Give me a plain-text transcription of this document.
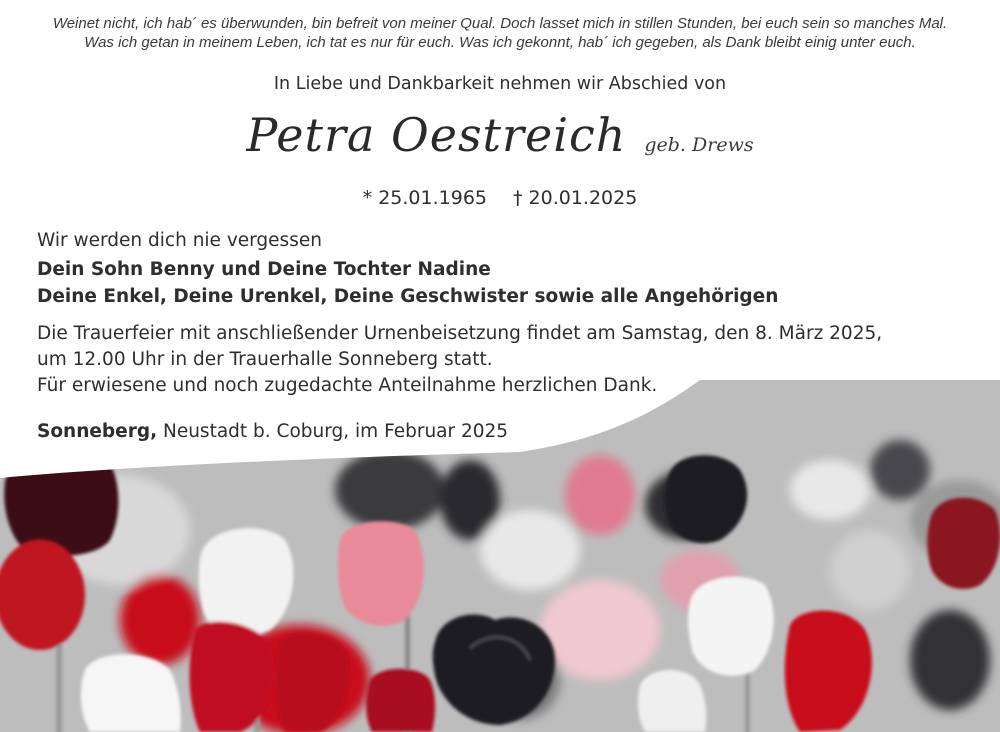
Weinet nicht, ich hab´ es überwunden, bin befreit von meiner Qual. Doch lasset mich in stillen Stunden, bei euch sein so manches Mal.
Was ich getan in meinem Leben, ich tat es nur für euch. Was ich gekonnt, hab´ ich gegeben, als Dank bleibt einig unter euch.
In Liebe und Dankbarkeit nehmen wir Abschied von
Petra Oestreich geb. Drews
* 25.01.1965 † 20.01.2025
Wir werden dich nie vergessen
Dein Sohn Benny und Deine Tochter Nadine
Deine Enkel, Deine Urenkel, Deine Geschwister sowie alle Angehörigen
Die Trauerfeier mit anschließender Urnenbeisetzung findet am Samstag, den 8. März 2025,
um 12.00 Uhr in der Trauerhalle Sonneberg statt.
Für erwiesene und noch zugedachte Anteilnahme herzlichen Dank.
Sonneberg, Neustadt b. Coburg, im Februar 2025
